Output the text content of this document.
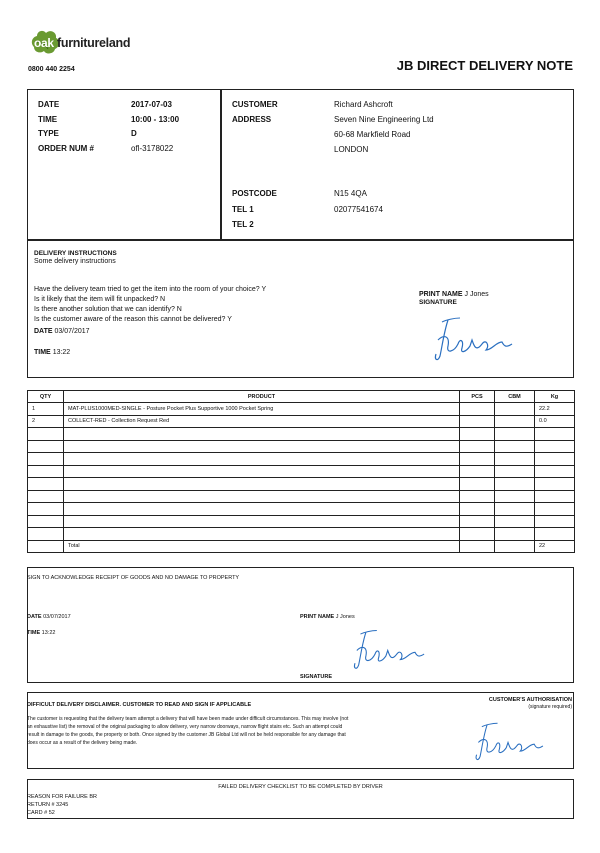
oak furnitureland
0800 440 2254	JB DIRECT DELIVERY NOTE
DATE	2017-07-03
TIME	10:00 - 13:00
TYPE	D
ORDER NUM #	ofl-3178022
CUSTOMER	Richard Ashcroft
ADDRESS	Seven Nine Engineering Ltd
60-68 Markfield Road
LONDON
POSTCODE	N15 4QA
TEL 1	02077541674
TEL 2
DELIVERY INSTRUCTIONS
Some delivery instructions
Have the delivery team tried to get the item into the room of your choice? Y
Is it likely that the item will fit unpacked? N
Is there another solution that we can identify? N
Is the customer aware of the reason this cannot be delivered? Y
DATE 03/07/2017
TIME 13:22
PRINT NAME J Jones
SIGNATURE
QTY	PRODUCT	PCS	CBM	Kg
1	MAT-PLUS1000MED-SINGLE - Posture Pocket Plus Supportive 1000 Pocket Spring			22.2
2	COLLECT-RED - Collection Request Red			0.0

	Total			22
SIGN TO ACKNOWLEDGE RECEIPT OF GOODS AND NO DAMAGE TO PROPERTY
DATE 03/07/2017
TIME 13:22
PRINT NAME J Jones
SIGNATURE
DIFFICULT DELIVERY DISCLAIMER. CUSTOMER TO READ AND SIGN IF APPLICABLE
The customer is requesting that the delivery team attempt a delivery that will have been made under difficult circumstances. This may involve (not
an exhaustive list) the removal of the original packaging to allow delivery, very narrow doorways, narrow flight stairs etc. Such an attempt could
result in damage to the goods, the property or both. Once signed by the customer JB Global Ltd will not be held responsible for any damage that
does occur as a result of the delivery being made.
CUSTOMER'S AUTHORISATION
(signature required)
FAILED DELIVERY CHECKLIST TO BE COMPLETED BY DRIVER
REASON FOR FAILURE BR
RETURN # 3245
CARD # 52
